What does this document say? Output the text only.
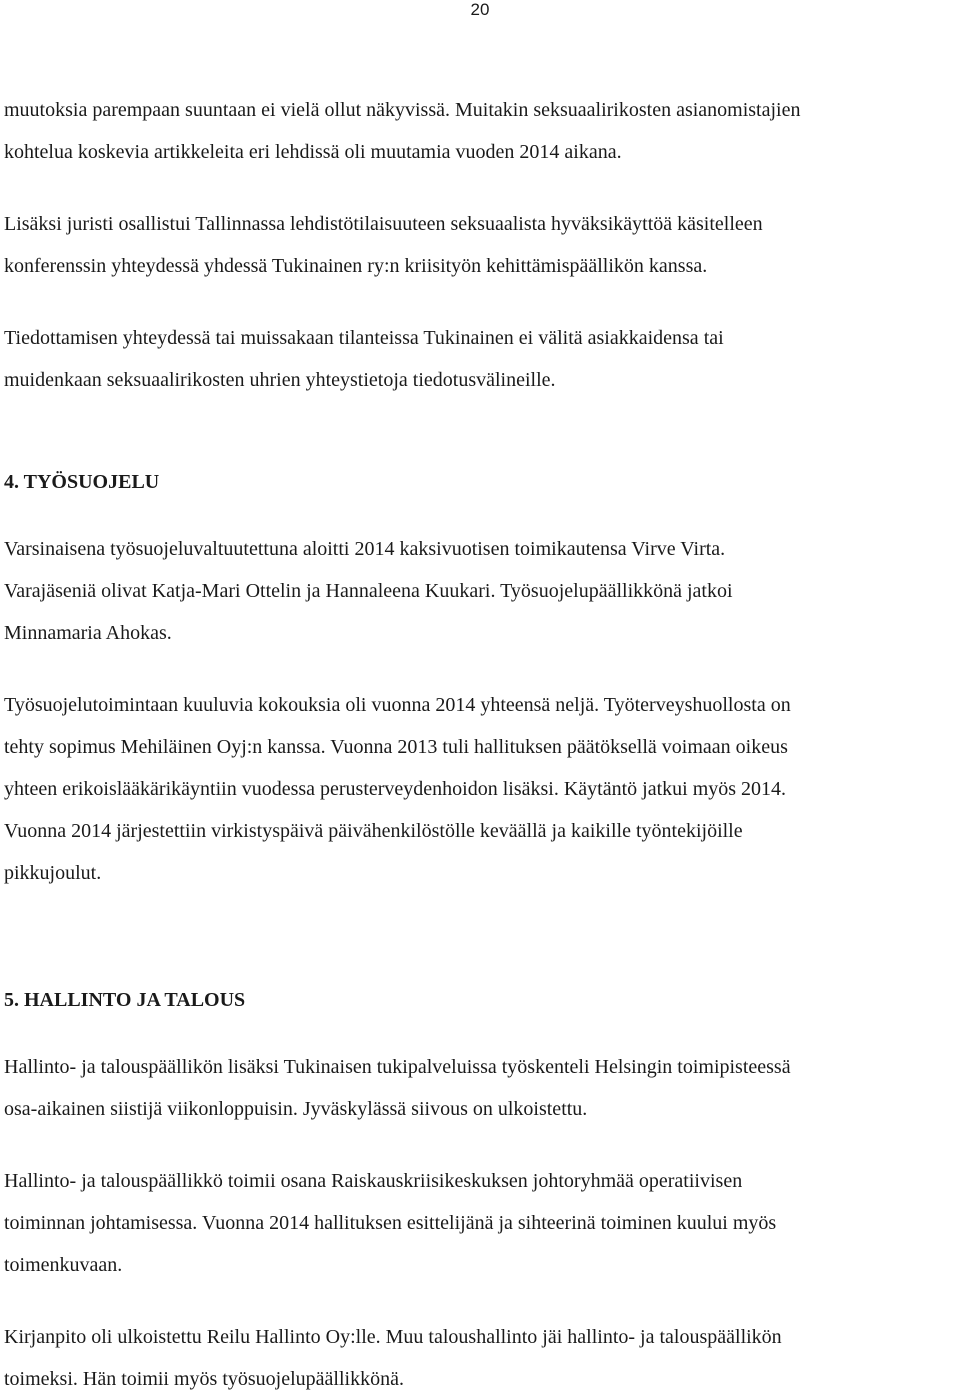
20

muutoksia parempaan suuntaan ei vielä ollut näkyvissä. Muitakin seksuaalirikosten asianomistajien
kohtelua koskevia artikkeleita eri lehdissä oli muutamia vuoden 2014 aikana.

Lisäksi juristi osallistui Tallinnassa lehdistötilaisuuteen seksuaalista hyväksikäyttöä käsitelleen
konferenssin yhteydessä yhdessä Tukinainen ry:n kriisityön kehittämispäällikön kanssa.

Tiedottamisen yhteydessä tai muissakaan tilanteissa Tukinainen ei välitä asiakkaidensa tai
muidenkaan seksuaalirikosten uhrien yhteystietoja tiedotusvälineille.

4. TYÖSUOJELU

Varsinaisena työsuojeluvaltuutettuna aloitti 2014 kaksivuotisen toimikautensa Virve Virta.
Varajäseniä olivat Katja-Mari Ottelin ja Hannaleena Kuukari. Työsuojelupäällikkönä jatkoi
Minnamaria Ahokas.

Työsuojelutoimintaan kuuluvia kokouksia oli vuonna 2014 yhteensä neljä. Työterveyshuollosta on
tehty sopimus Mehiläinen Oyj:n kanssa. Vuonna 2013 tuli hallituksen päätöksellä voimaan oikeus
yhteen erikoislääkärikäyntiin vuodessa perusterveydenhoidon lisäksi. Käytäntö jatkui myös 2014.
Vuonna 2014 järjestettiin virkistyspäivä päivähenkilöstölle keväällä ja kaikille työntekijöille
pikkujoulut.

5. HALLINTO JA TALOUS

Hallinto- ja talouspäällikön lisäksi Tukinaisen tukipalveluissa työskenteli Helsingin toimipisteessä
osa-aikainen siistijä viikonloppuisin. Jyväskylässä siivous on ulkoistettu.

Hallinto- ja talouspäällikkö toimii osana Raiskauskriisikeskuksen johtoryhmää operatiivisen
toiminnan johtamisessa. Vuonna 2014 hallituksen esittelijänä ja sihteerinä toiminen kuului myös
toimenkuvaan.

Kirjanpito oli ulkoistettu Reilu Hallinto Oy:lle. Muu taloushallinto jäi hallinto- ja talouspäällikön
toimeksi. Hän toimii myös työsuojelupäällikkönä.
